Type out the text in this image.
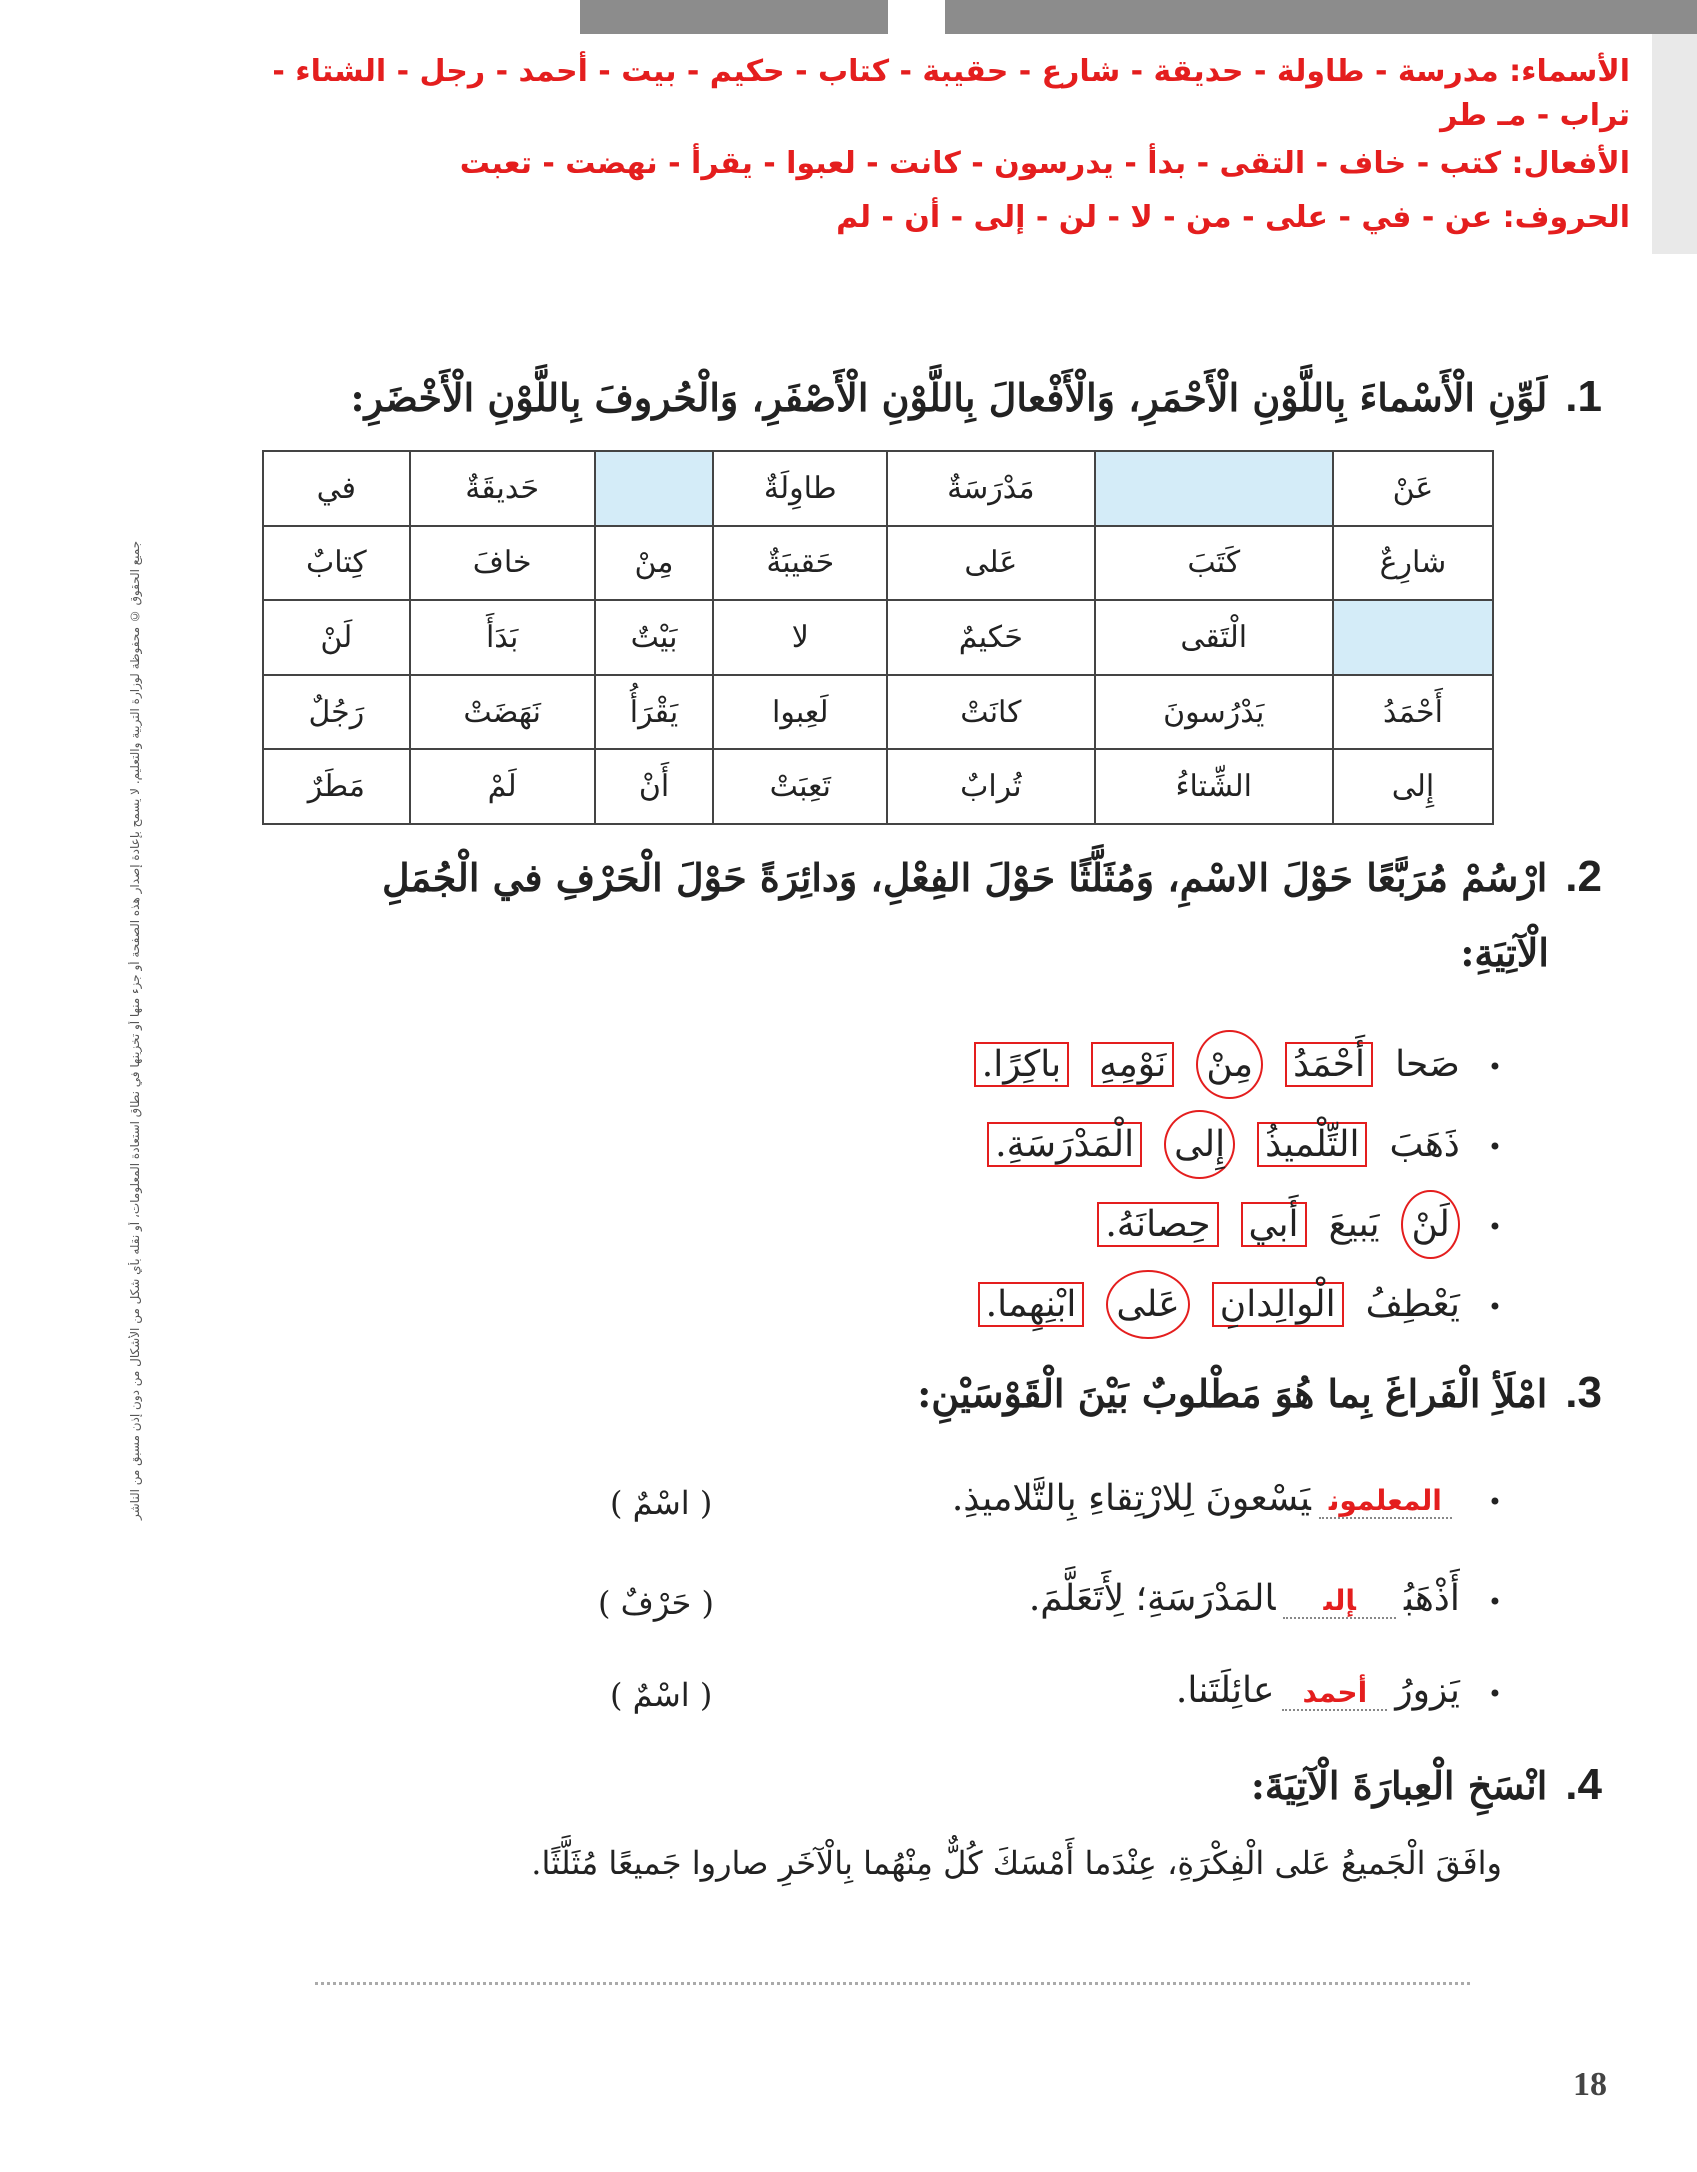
الأسماء: مدرسة - طاولة - حديقة - شارع - حقيبة - كتاب - حكيم - بيت - أحمد - رجل - الشتاء -
تراب - مـ طر
الأفعال: كتب - خاف - التقى - بدأ - يدرسون - كانت - لعبوا - يقرأ - نهضت - تعبت
الحروف: عن - في - على - من - لا - لن - إلى - أن - لم
جميع الحقوق © محفوظة لوزارة التربية والتعليم. لا يسمح بإعادة إصدار هذه الصفحة أو جزء منها أو تخزينها في نطاق استعادة المعلومات، أو نقله بأي شكل من الأشكال من دون إذن مسبق من الناشر
1.لَوِّنِ الْأَسْماءَ بِاللَّوْنِ الْأَحْمَرِ، وَالْأَفْعالَ بِاللَّوْنِ الْأَصْفَرِ، وَالْحُروفَ بِاللَّوْنِ الْأَخْضَرِ:
عَنْ		مَدْرَسَةٌ	طاوِلَةٌ		حَديقَةٌ	في
شارِعٌ	كَتَبَ	عَلى	حَقيبَةٌ	مِنْ	خافَ	كِتابٌ
	الْتَقى	حَكيمٌ	لا	بَيْتٌ	بَدَأَ	لَنْ
أَحْمَدُ	يَدْرُسونَ	كانَتْ	لَعِبوا	يَقْرَأُ	نَهَضَتْ	رَجُلٌ
إِلى	الشِّتاءُ	تُرابٌ	تَعِبَتْ	أَنْ	لَمْ	مَطَرٌ
2.ارْسُمْ مُرَبَّعًا حَوْلَ الاسْمِ، وَمُثَلَّثًا حَوْلَ الفِعْلِ، وَدائِرَةً حَوْلَ الْحَرْفِ في الْجُمَلِ
الْآتِيَةِ:
•صَحاأَحْمَدُمِنْنَوْمِهِباكِرًا.
•ذَهَبَالتِّلْميذُإِلىالْمَدْرَسَةِ.
•لَنْيَبيعَأَبيحِصانَهُ.
•يَعْطِفُالْوالِدانِعَلىابْنِهِما.
3.امْلَأِ الْفَراغَ بِما هُوَ مَطْلوبٌ بَيْنَ الْقَوْسَيْنِ:
•المعلمونيَسْعونَ لِلارْتِقاءِ بِالتَّلاميذِ.
( اسْمٌ )
•أَذْهَبُإلىالمَدْرَسَةِ؛ لِأَتَعَلَّمَ.
( حَرْفٌ )
•يَزورُأحمدعائِلَتَنا.
( اسْمٌ )
4.انْسَخِ الْعِبارَةَ الْآتِيَةَ:
وافَقَ الْجَميعُ عَلى الْفِكْرَةِ، عِنْدَما أَمْسَكَ كُلٌّ مِنْهُما بِالْآخَرِ صاروا جَميعًا مُثَلَّثًا.
18
